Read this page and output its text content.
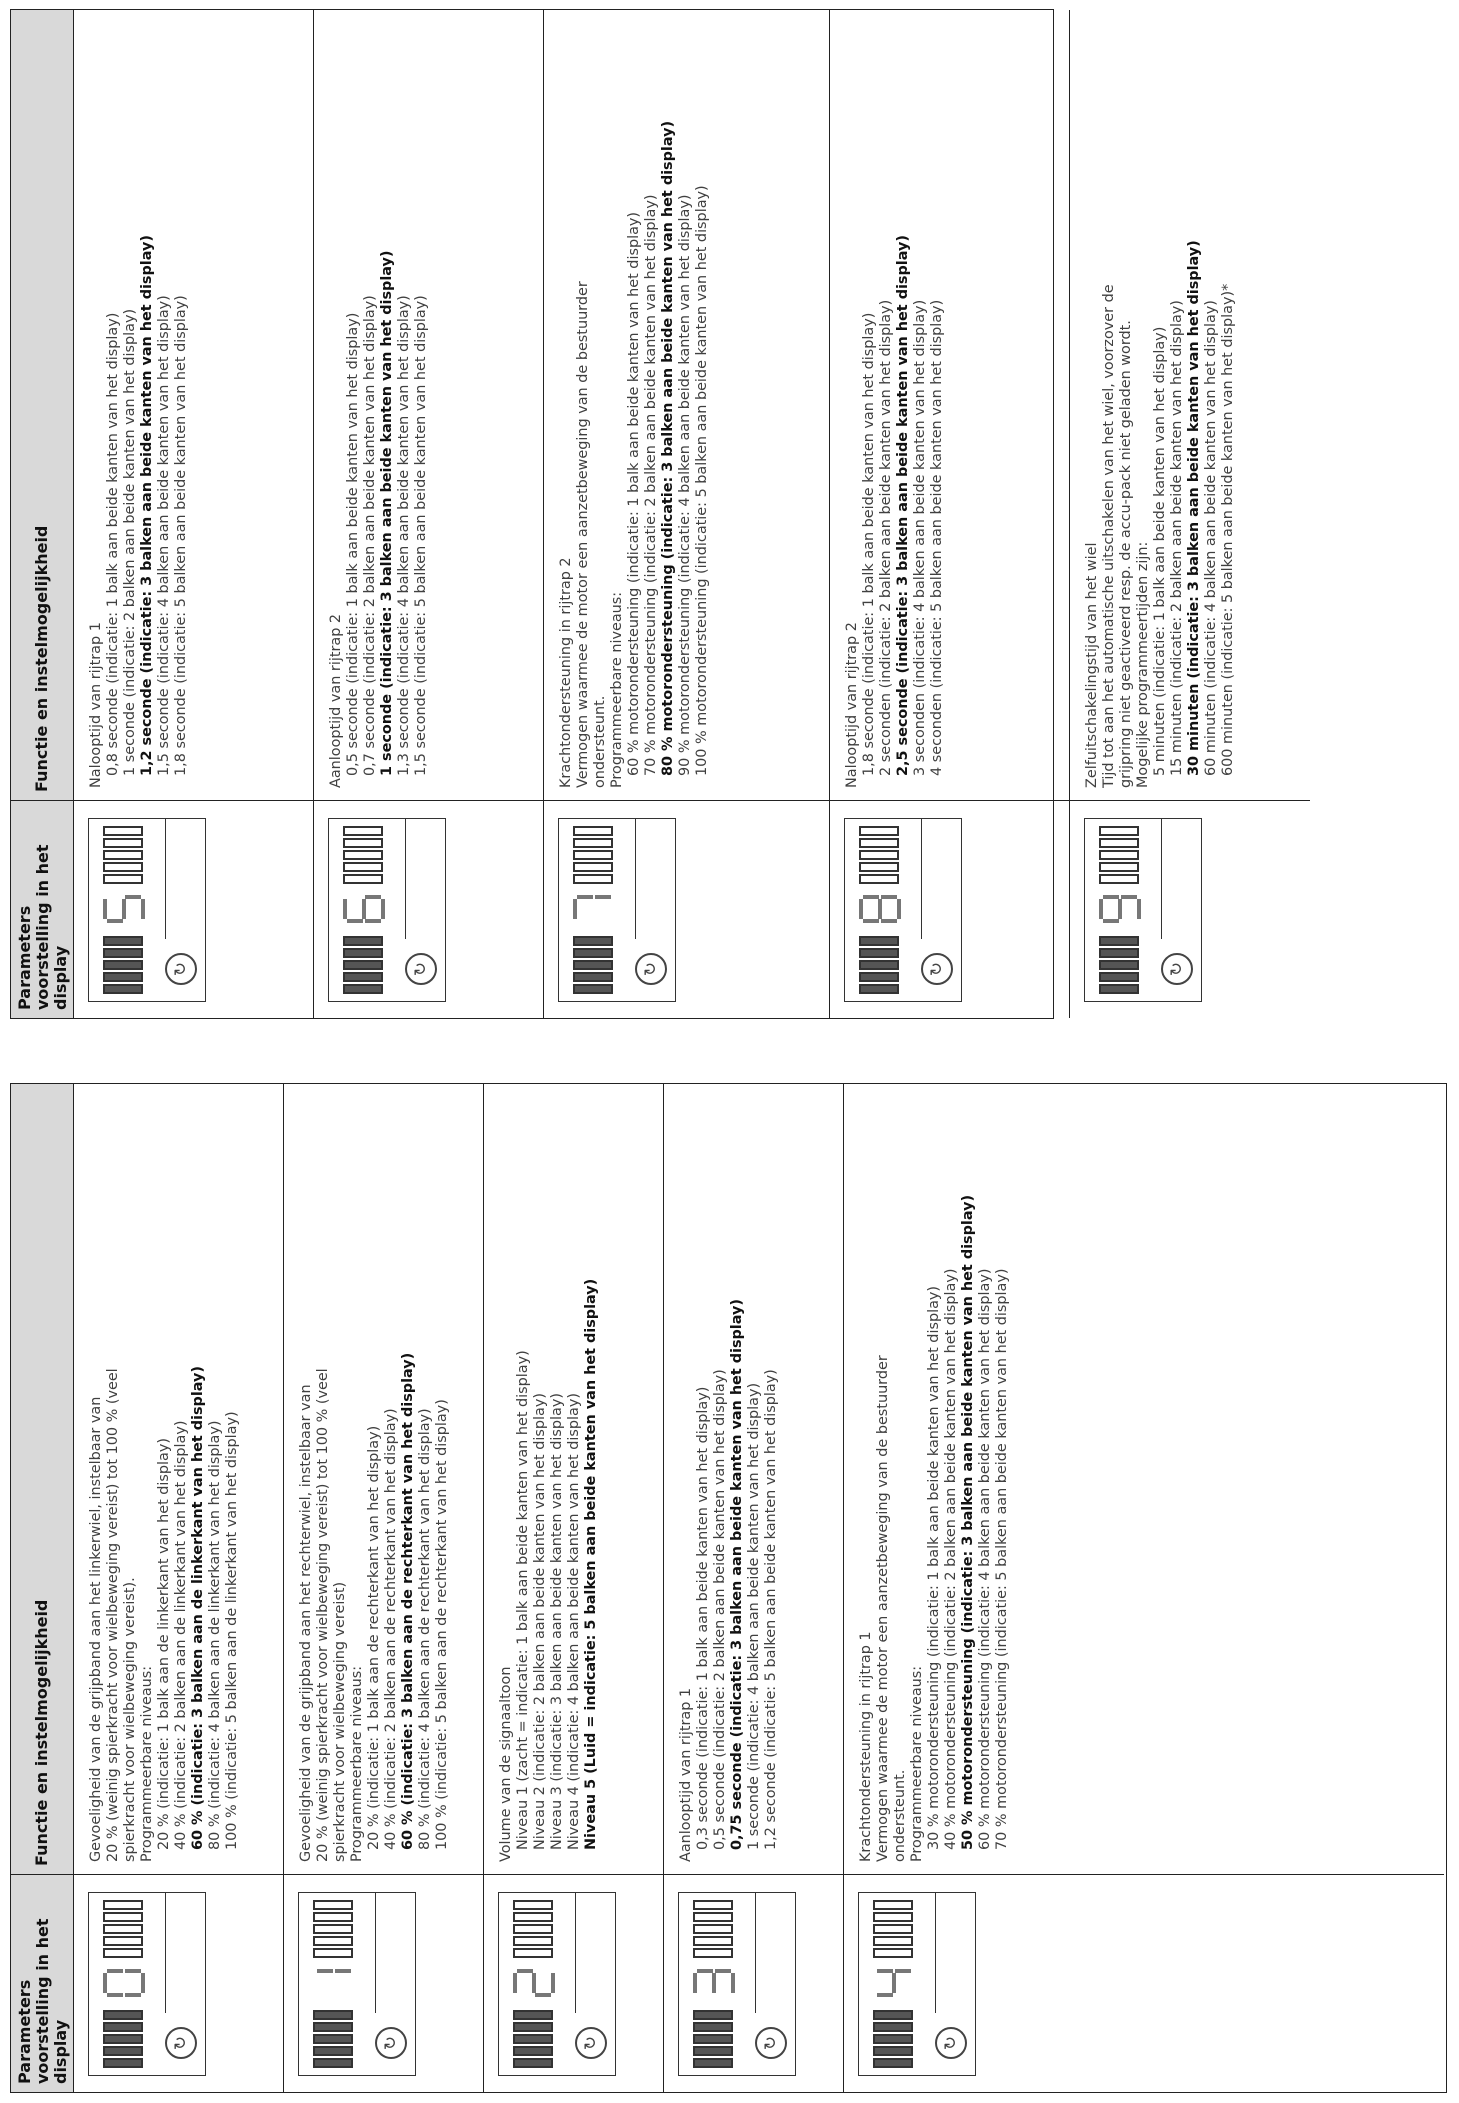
Parameters voorstelling in het display
Functie en instelmogelijkheid
↻

Gevoeligheid van de grijpband aan het linkerwiel, instelbaar van 20 % (weinig spierkracht voor wielbeweging vereist) tot 100 % (veel spierkracht voor wielbeweging vereist). Programmeerbare niveaus: 20 % (indicatie: 1 balk aan de linkerkant van het display) 40 % (indicatie: 2 balken aan de linkerkant van het display) 60 % (indicatie: 3 balken aan de linkerkant van het display) 80 % (indicatie: 4 balken aan de linkerkant van het display) 100 % (indicatie: 5 balken aan de linkerkant van het display)

↻

Gevoeligheid van de grijpband aan het rechterwiel, instelbaar van 20 % (weinig spierkracht voor wielbeweging vereist) tot 100 % (veel spierkracht voor wielbeweging vereist) Programmeerbare niveaus: 20 % (indicatie: 1 balk aan de rechterkant van het display) 40 % (indicatie: 2 balken aan de rechterkant van het display) 60 % (indicatie: 3 balken aan de rechterkant van het display) 80 % (indicatie: 4 balken aan de rechterkant van het display) 100 % (indicatie: 5 balken aan de rechterkant van het display)

↻

Volume van de signaaltoon Niveau 1 (zacht = indicatie: 1 balk aan beide kanten van het display) Niveau 2 (indicatie: 2 balken aan beide kanten van het display) Niveau 3 (indicatie: 3 balken aan beide kanten van het display) Niveau 4 (indicatie: 4 balken aan beide kanten van het display) Niveau 5 (Luid = indicatie: 5 balken aan beide kanten van het display)
↻

Aanlooptijd van rijtrap 1 0,3 seconde (indicatie: 1 balk aan beide kanten van het display) 0,5 seconde (indicatie: 2 balken aan beide kanten van het display) 0,75 seconde (indicatie: 3 balken aan beide kanten van het display) 1 seconde (indicatie: 4 balken aan beide kanten van het display) 1,2 seconde (indicatie: 5 balken aan beide kanten van het display)

↻

Krachtondersteuning in rijtrap 1 Vermogen waarmee de motor een aanzetbeweging van de bestuurder ondersteunt. Programmeerbare niveaus: 30 % motorondersteuning (indicatie: 1 balk aan beide kanten van het display) 40 % motorondersteuning (indicatie: 2 balken aan beide kanten van het display) 50 % motorondersteuning (indicatie: 3 balken aan beide kanten van het display) 60 % motorondersteuning (indicatie: 4 balken aan beide kanten van het display) 70 % motorondersteuning (indicatie: 5 balken aan beide kanten van het display)

Parameters voorstelling in het display
Functie en instelmogelijkheid
↻

Nalooptijd van rijtrap 1 0,8 seconde (indicatie: 1 balk aan beide kanten van het display) 1 seconde (indicatie: 2 balken aan beide kanten van het display) 1,2 seconde (indicatie: 3 balken aan beide kanten van het display) 1,5 seconde (indicatie: 4 balken aan beide kanten van het display) 1,8 seconde (indicatie: 5 balken aan beide kanten van het display)

↻

Aanlooptijd van rijtrap 2 0,5 seconde (indicatie: 1 balk aan beide kanten van het display) 0,7 seconde (indicatie: 2 balken aan beide kanten van het display) 1 seconde (indicatie: 3 balken aan beide kanten van het display) 1,3 seconde (indicatie: 4 balken aan beide kanten van het display) 1,5 seconde (indicatie: 5 balken aan beide kanten van het display)

↻

Krachtondersteuning in rijtrap 2 Vermogen waarmee de motor een aanzetbeweging van de bestuurder ondersteunt. Programmeerbare niveaus: 60 % motorondersteuning (indicatie: 1 balk aan beide kanten van het display) 70 % motorondersteuning (indicatie: 2 balken aan beide kanten van het display) 80 % motorondersteuning (indicatie: 3 balken aan beide kanten van het display) 90 % motorondersteuning (indicatie: 4 balken aan beide kanten van het display) 100 % motorondersteuning (indicatie: 5 balken aan beide kanten van het display)

↻

Nalooptijd van rijtrap 2 1,8 seconde (indicatie: 1 balk aan beide kanten van het display) 2 seconden (indicatie: 2 balken aan beide kanten van het display) 2,5 seconde (indicatie: 3 balken aan beide kanten van het display) 3 seconden (indicatie: 4 balken aan beide kanten van het display) 4 seconden (indicatie: 5 balken aan beide kanten van het display)

↻

Zelfuitschakelingstijd van het wiel Tijd tot aan het automatische uitschakelen van het wiel, voorzover de grijpring niet geactiveerd resp. de accu-pack niet geladen wordt. Mogelijke programmeertijden zijn: 5 minuten (indicatie: 1 balk aan beide kanten van het display) 15 minuten (indicatie: 2 balken aan beide kanten van het display) 30 minuten (indicatie: 3 balken aan beide kanten van het display) 60 minuten (indicatie: 4 balken aan beide kanten van het display) 600 minuten (indicatie: 5 balken aan beide kanten van het display)*
